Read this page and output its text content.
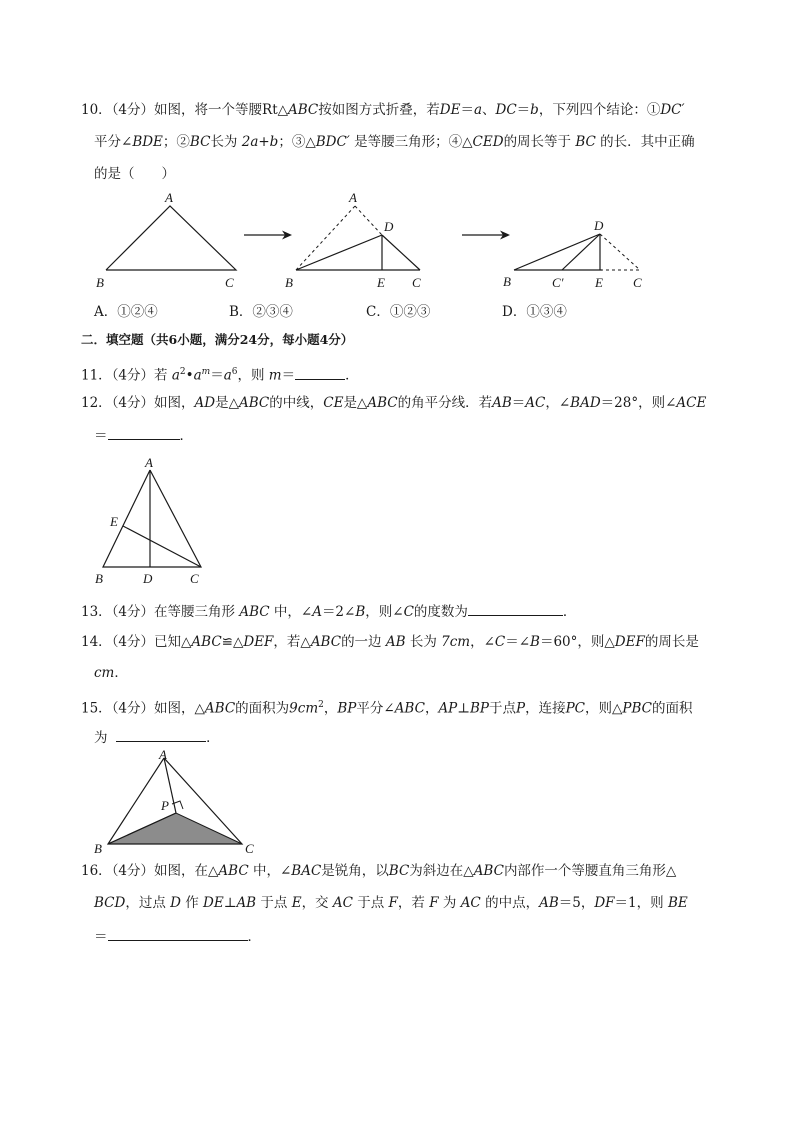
10．（4分）如图，将一个等腰Rt△ABC按如图方式折叠，若DE＝a、DC＝b，下列四个结论：①DC′
平分∠BDE；②BC长为 2a+b；③△BDC′ 是等腰三角形；④△CED的周长等于 BC 的长．其中正确
的是（　　）
A
B	C
A
D
B	E C
D
B	C′ E C
A．①②④	B．②③④	C．①②③	D．①③④
二．填空题（共6小题，满分24分，每小题4分）
11．（4分）若 $a^2•a^m=a^6$，则 m＝	．
12．（4分）如图，AD是△ABC的中线，CE是△ABC的角平分线．若AB＝AC，∠BAD＝28°，则∠ACE
＝	．
A
E
B	D	C
13．（4分）在等腰三角形 ABC 中，∠A＝2∠B，则∠C的度数为	．
14．（4分）已知△ABC≌△DEF，若△ABC的一边 AB 长为 7cm，∠C＝∠B＝60°，则△DEF的周长是
cm．
15．（4分）如图，△ABC的面积为$9cm^2$，BP平分∠ABC，AP⊥BP于点P，连接PC，则△PBC的面积
为	．
A
P
B	C
16．（4分）如图，在△ABC 中，∠BAC是锐角，以BC为斜边在△ABC内部作一个等腰直角三角形△
BCD，过点 D 作 DE⊥AB 于点 E，交 AC 于点 F，若 F 为 AC 的中点，AB＝5，DF＝1，则 BE
＝	．
